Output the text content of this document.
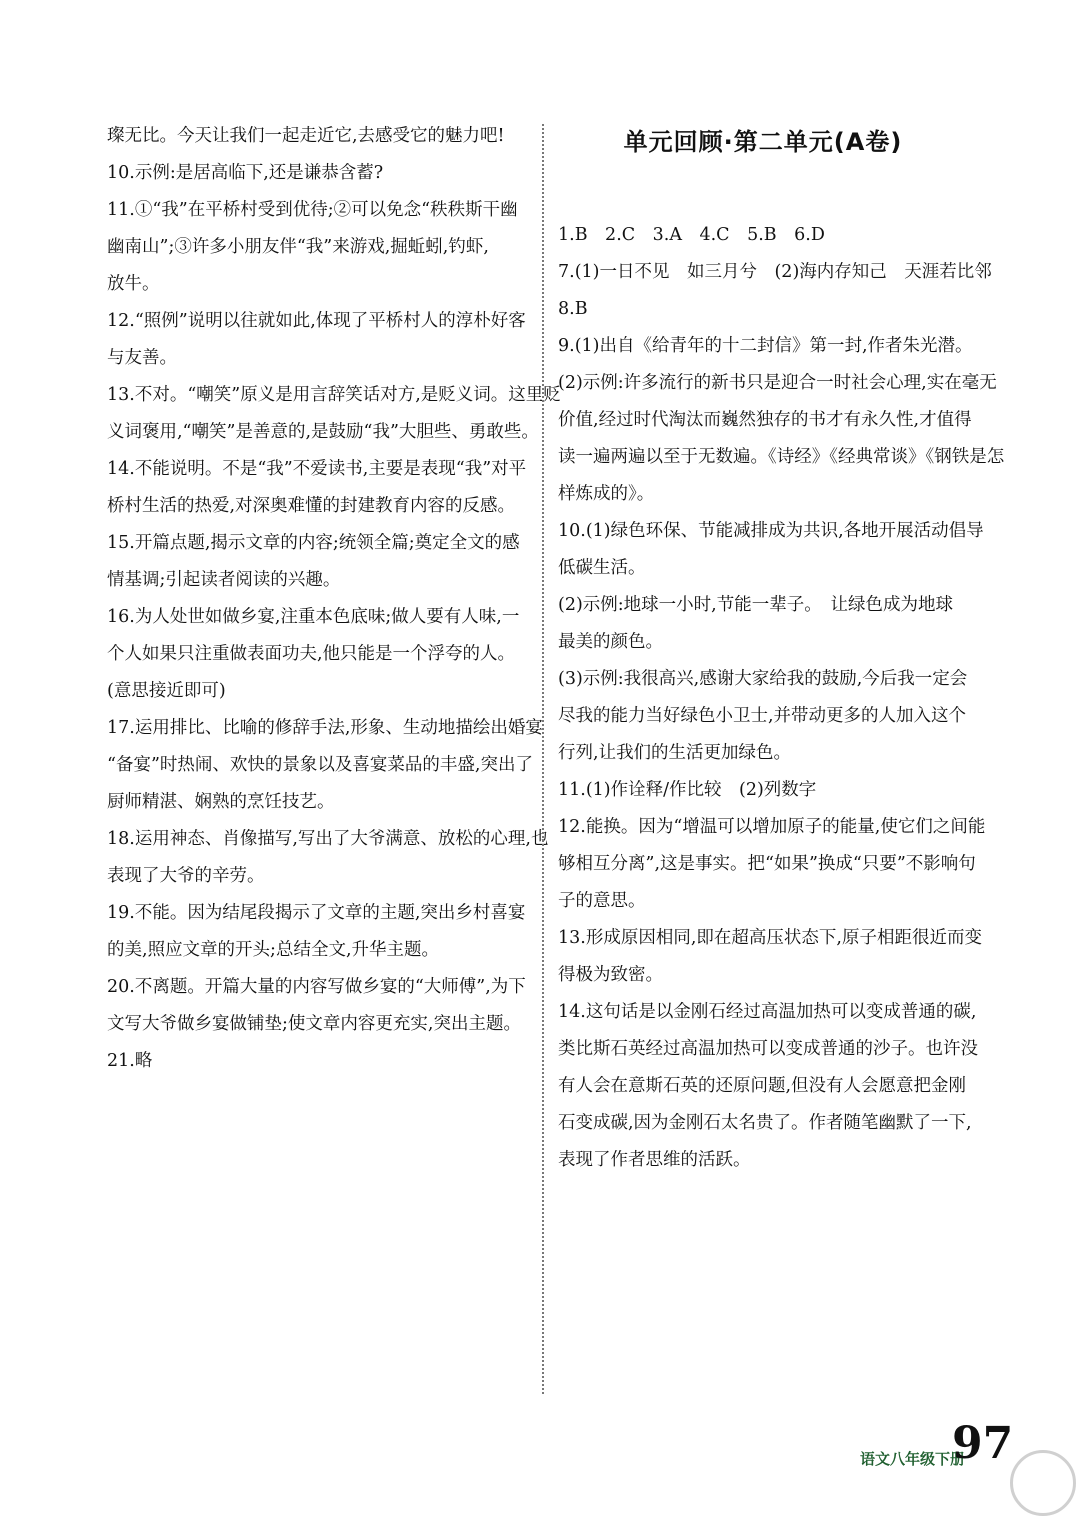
璨无比。今天让我们一起走近它,去感受它的魅力吧!

10.示例:是居高临下,还是谦恭含蓄?

11.①“我”在平桥村受到优待;②可以免念“秩秩斯干幽

幽南山”;③许多小朋友伴“我”来游戏,掘蚯蚓,钓虾,

放牛。

12.“照例”说明以往就如此,体现了平桥村人的淳朴好客

与友善。

13.不对。“嘲笑”原义是用言辞笑话对方,是贬义词。这里贬

义词褒用,“嘲笑”是善意的,是鼓励“我”大胆些、勇敢些。

14.不能说明。不是“我”不爱读书,主要是表现“我”对平

桥村生活的热爱,对深奥难懂的封建教育内容的反感。

15.开篇点题,揭示文章的内容;统领全篇;奠定全文的感

情基调;引起读者阅读的兴趣。

16.为人处世如做乡宴,注重本色底味;做人要有人味,一

个人如果只注重做表面功夫,他只能是一个浮夸的人。

(意思接近即可)

17.运用排比、比喻的修辞手法,形象、生动地描绘出婚宴

“备宴”时热闹、欢快的景象以及喜宴菜品的丰盛,突出了

厨师精湛、娴熟的烹饪技艺。

18.运用神态、肖像描写,写出了大爷满意、放松的心理,也

表现了大爷的辛劳。

19.不能。因为结尾段揭示了文章的主题,突出乡村喜宴

的美,照应文章的开头;总结全文,升华主题。

20.不离题。开篇大量的内容写做乡宴的“大师傅”,为下

文写大爷做乡宴做铺垫;使文章内容更充实,突出主题。

21.略

单元回顾·第二单元(A卷)

1.B　2.C　3.A　4.C　5.B　6.D

7.(1)一日不见　如三月兮　(2)海内存知己　天涯若比邻

8.B

9.(1)出自《给青年的十二封信》第一封,作者朱光潜。

(2)示例:许多流行的新书只是迎合一时社会心理,实在毫无

价值,经过时代淘汰而巍然独存的书才有永久性,才值得

读一遍两遍以至于无数遍。《诗经》《经典常谈》《钢铁是怎

样炼成的》。

10.(1)绿色环保、节能减排成为共识,各地开展活动倡导

低碳生活。

(2)示例:地球一小时,节能一辈子。　让绿色成为地球

最美的颜色。

(3)示例:我很高兴,感谢大家给我的鼓励,今后我一定会

尽我的能力当好绿色小卫士,并带动更多的人加入这个

行列,让我们的生活更加绿色。

11.(1)作诠释/作比较　(2)列数字

12.能换。因为“增温可以增加原子的能量,使它们之间能

够相互分离”,这是事实。把“如果”换成“只要”不影响句

子的意思。

13.形成原因相同,即在超高压状态下,原子相距很近而变

得极为致密。

14.这句话是以金刚石经过高温加热可以变成普通的碳,

类比斯石英经过高温加热可以变成普通的沙子。也许没

有人会在意斯石英的还原问题,但没有人会愿意把金刚

石变成碳,因为金刚石太名贵了。作者随笔幽默了一下,

表现了作者思维的活跃。

语文八年级下册
97
